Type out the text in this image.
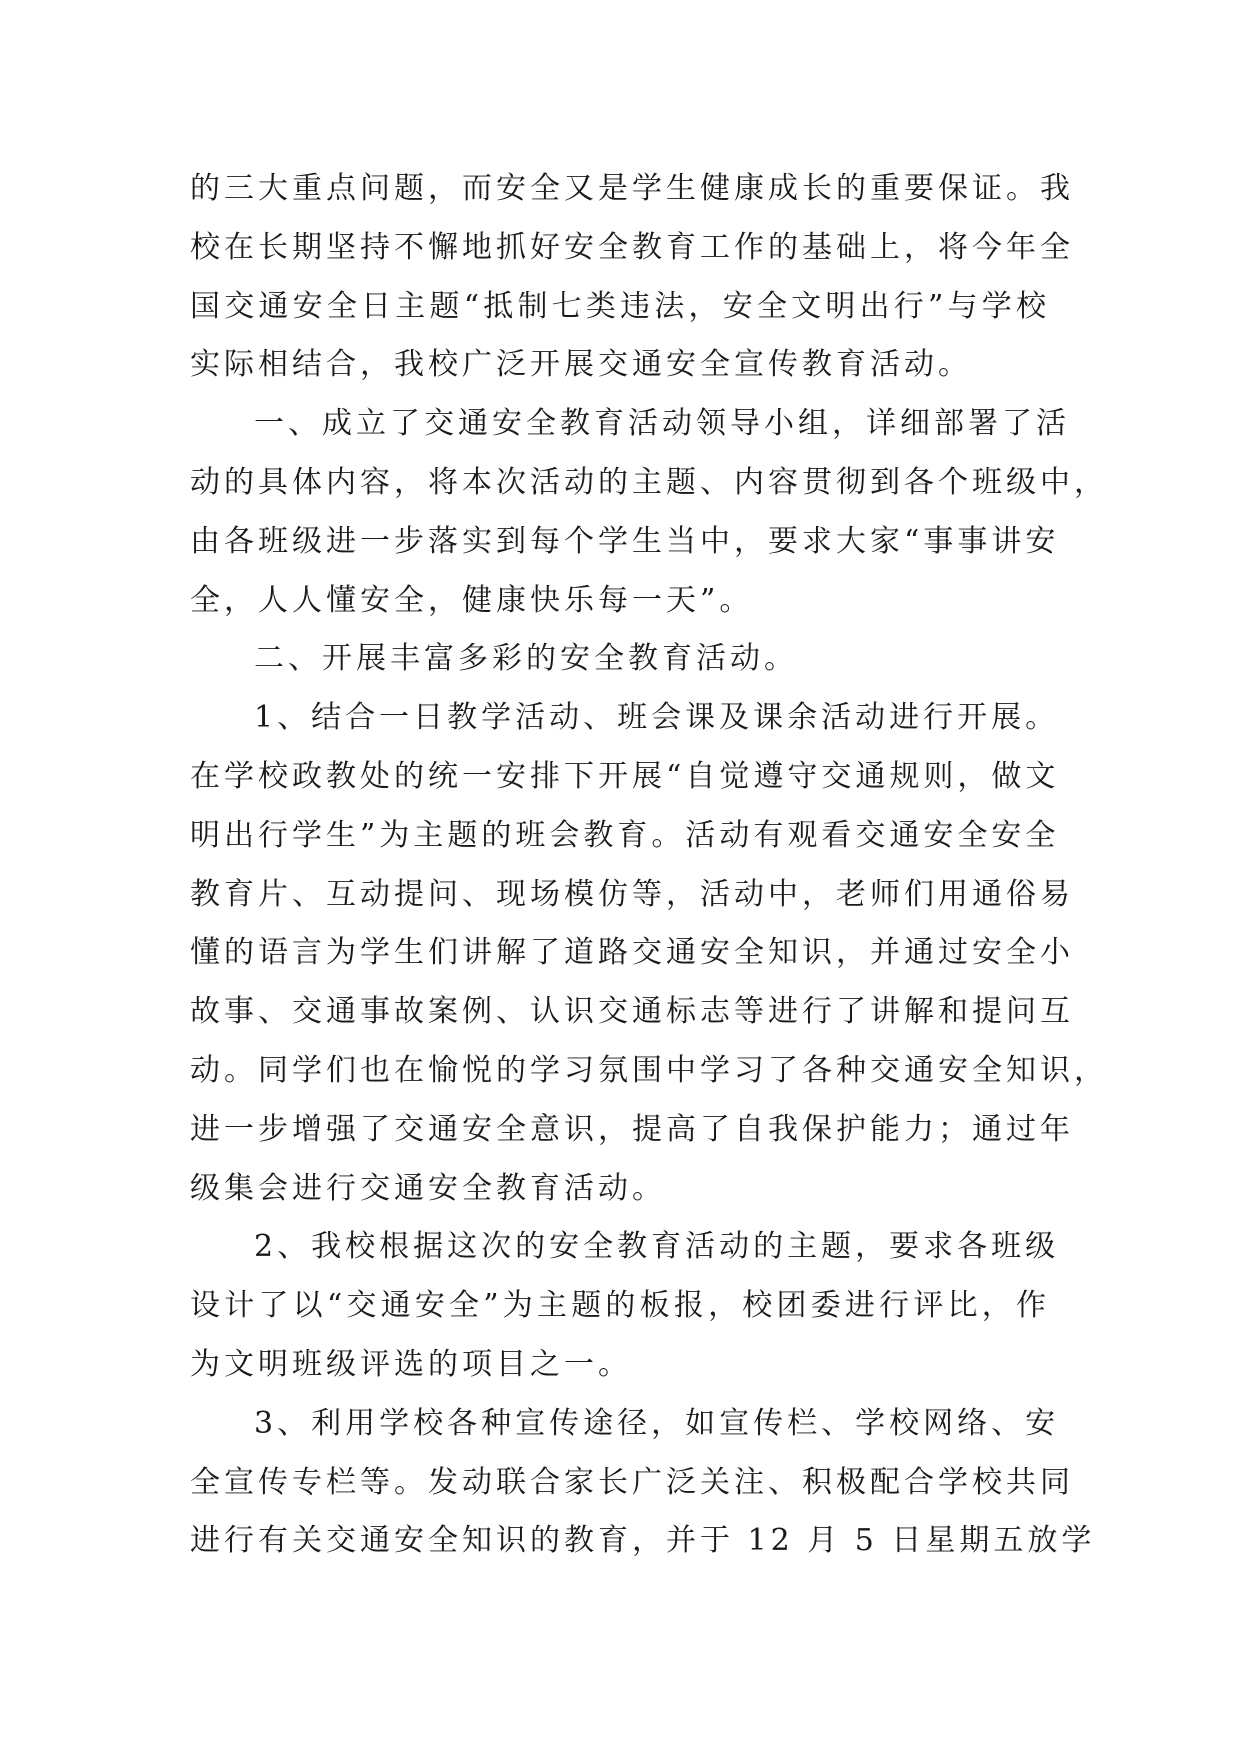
的三大重点问题，而安全又是学生健康成长的重要保证。我
校在长期坚持不懈地抓好安全教育工作的基础上，将今年全
国交通安全日主题“抵制七类违法，安全文明出行”与学校
实际相结合，我校广泛开展交通安全宣传教育活动。
一、成立了交通安全教育活动领导小组，详细部署了活
动的具体内容，将本次活动的主题、内容贯彻到各个班级中，
由各班级进一步落实到每个学生当中，要求大家“事事讲安
全，人人懂安全，健康快乐每一天”。
二、开展丰富多彩的安全教育活动。
1、结合一日教学活动、班会课及课余活动进行开展。
在学校政教处的统一安排下开展“自觉遵守交通规则，做文
明出行学生”为主题的班会教育。活动有观看交通安全安全
教育片、互动提问、现场模仿等，活动中，老师们用通俗易
懂的语言为学生们讲解了道路交通安全知识，并通过安全小
故事、交通事故案例、认识交通标志等进行了讲解和提问互
动。同学们也在愉悦的学习氛围中学习了各种交通安全知识，
进一步增强了交通安全意识，提高了自我保护能力；通过年
级集会进行交通安全教育活动。
2、我校根据这次的安全教育活动的主题，要求各班级
设计了以“交通安全”为主题的板报，校团委进行评比，作
为文明班级评选的项目之一。
3、利用学校各种宣传途径，如宣传栏、学校网络、安
全宣传专栏等。发动联合家长广泛关注、积极配合学校共同
进行有关交通安全知识的教育，并于 12 月 5 日星期五放学
